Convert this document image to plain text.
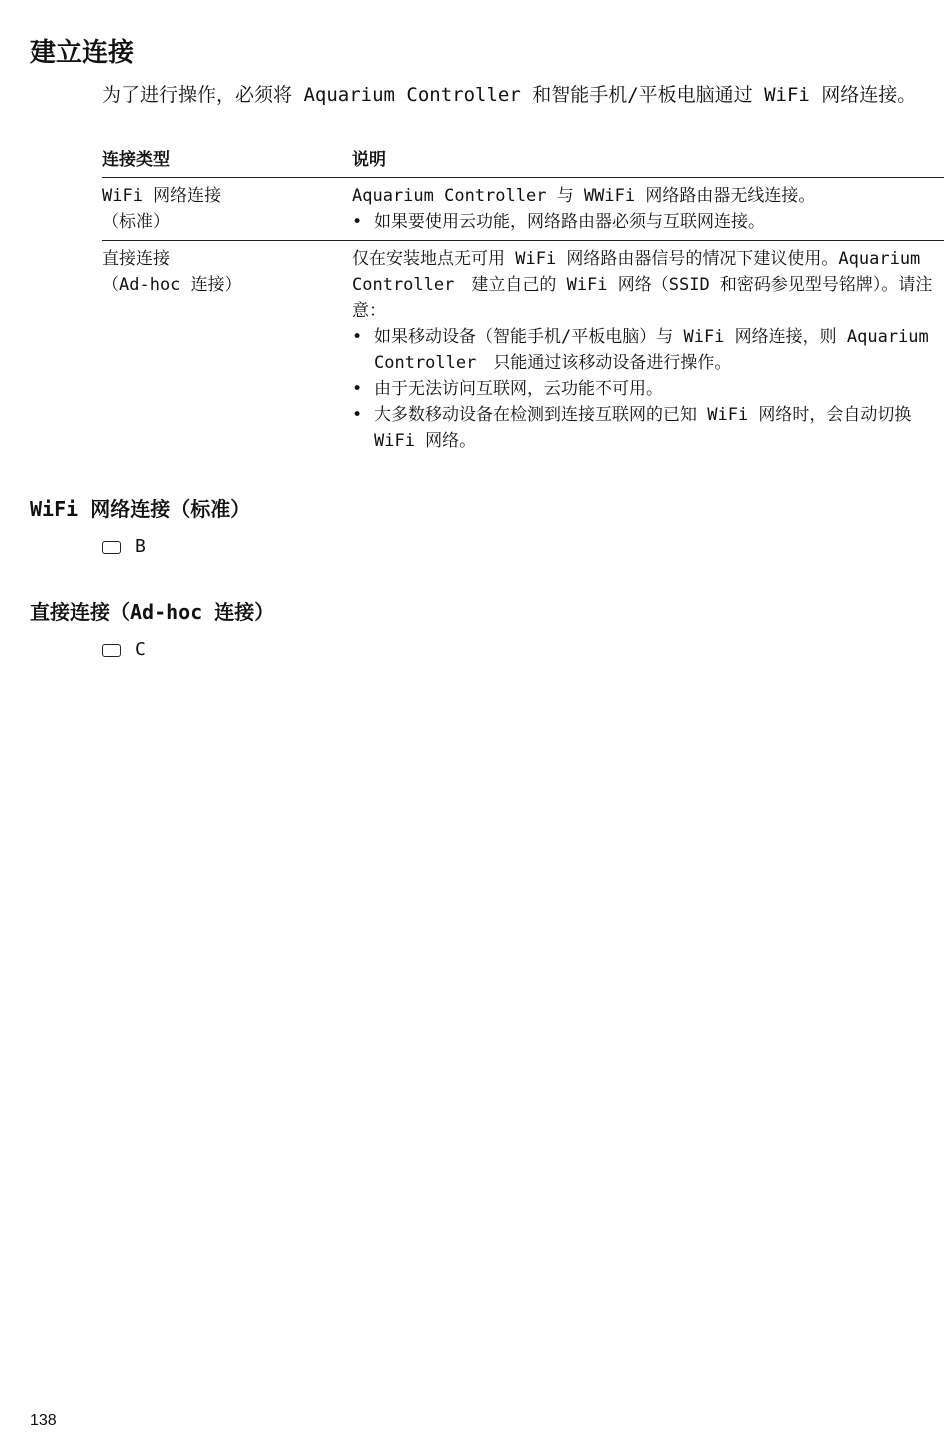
建立连接

为了进行操作，必须将 Aquarium Controller 和智能手机/平板电脑通过 WiFi 网络连接。

连接类型	说明
WiFi 网络连接
（标准）
Aquarium Controller 与 WWiFi 网络路由器无线连接。
• 如果要使用云功能，网络路由器必须与互联网连接。
直接连接
（Ad-hoc 连接）
仅在安装地点无可用 WiFi 网络路由器信号的情况下建议使用。Aquarium Controller　建立自己的 WiFi 网络（SSID 和密码参见型号铭牌）。请注意：
• 如果移动设备（智能手机/平板电脑）与 WiFi 网络连接，则 Aquarium Controller　只能通过该移动设备进行操作。
• 由于无法访问互联网，云功能不可用。
• 大多数移动设备在检测到连接互联网的已知 WiFi 网络时，会自动切换 WiFi 网络。
WiFi 网络连接（标准）
B
直接连接（Ad-hoc 连接）
C
138
